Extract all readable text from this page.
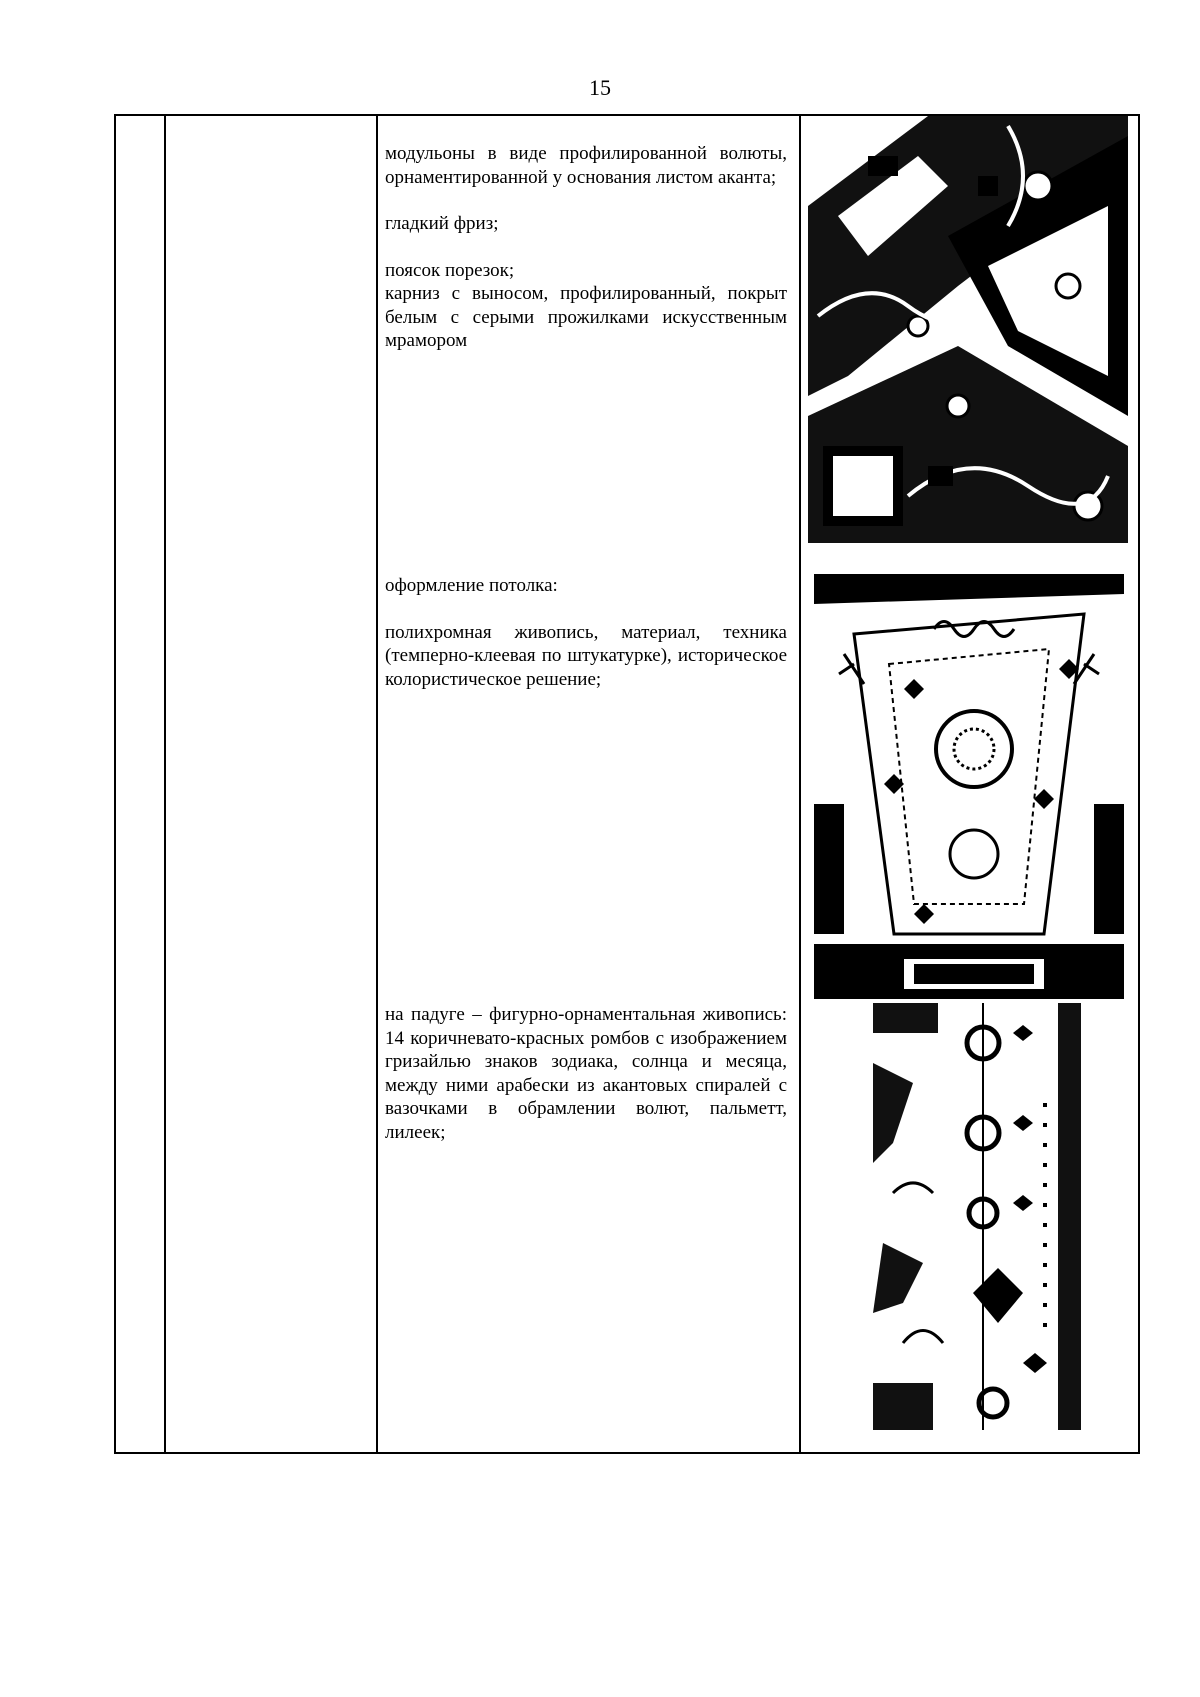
15

модульоны в виде профилированной волюты, орнаментированной у основания листом аканта;

гладкий фриз;

поясок порезок;

карниз с выносом, профилированный, покрыт белым с серыми прожилками искусственным мрамором

оформление потолка:

полихромная живопись, материал, техника (темперно-клеевая по штукатурке), историческое колористическое решение;

на падуге – фигурно-орнаментальная живопись: 14 коричневато-красных ромбов с изображением гризайлью знаков зодиака, солнца и месяца, между ними арабески из акантовых спиралей с вазочками в обрамлении волют, пальметт, лилеек;
